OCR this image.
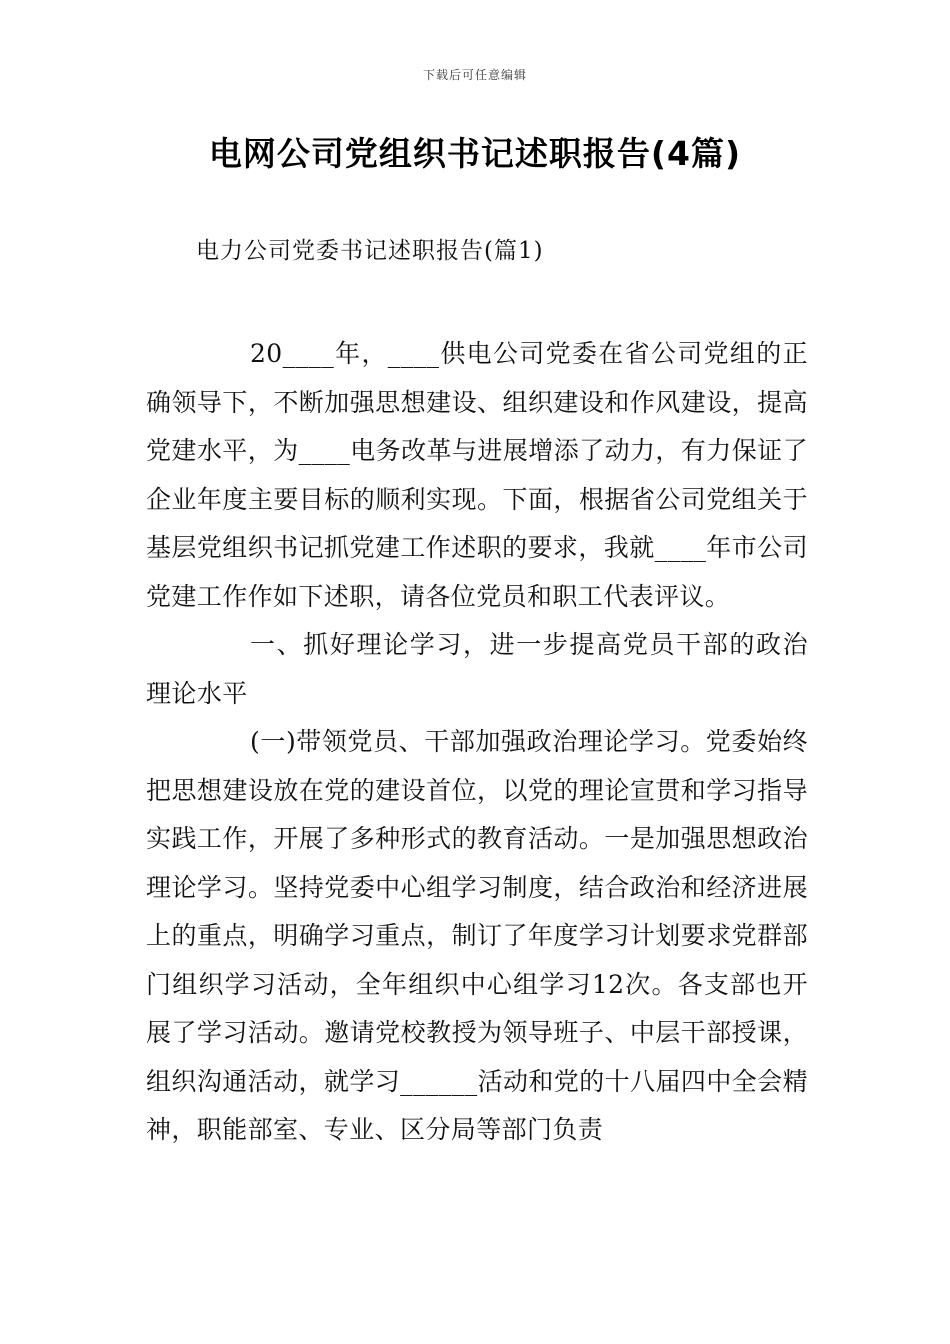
下载后可任意编辑
电网公司党组织书记述职报告(4篇)
电力公司党委书记述职报告(篇1)

20____年，____供电公司党委在省公司党组的正确领导下，不断加强思想建设、组织建设和作风建设，提高党建水平，为____电务改革与进展增添了动力，有力保证了企业年度主要目标的顺利实现。下面，根据省公司党组关于基层党组织书记抓党建工作述职的要求，我就____年市公司党建工作作如下述职，请各位党员和职工代表评议。

一、抓好理论学习，进一步提高党员干部的政治理论水平

(一)带领党员、干部加强政治理论学习。党委始终把思想建设放在党的建设首位，以党的理论宣贯和学习指导实践工作，开展了多种形式的教育活动。一是加强思想政治理论学习。坚持党委中心组学习制度，结合政治和经济进展上的重点，明确学习重点，制订了年度学习计划要求党群部门组织学习活动，全年组织中心组学习12次。各支部也开展了学习活动。邀请党校教授为领导班子、中层干部授课，组织沟通活动，就学习______活动和党的十八届四中全会精神，职能部室、专业、区分局等部门负责
